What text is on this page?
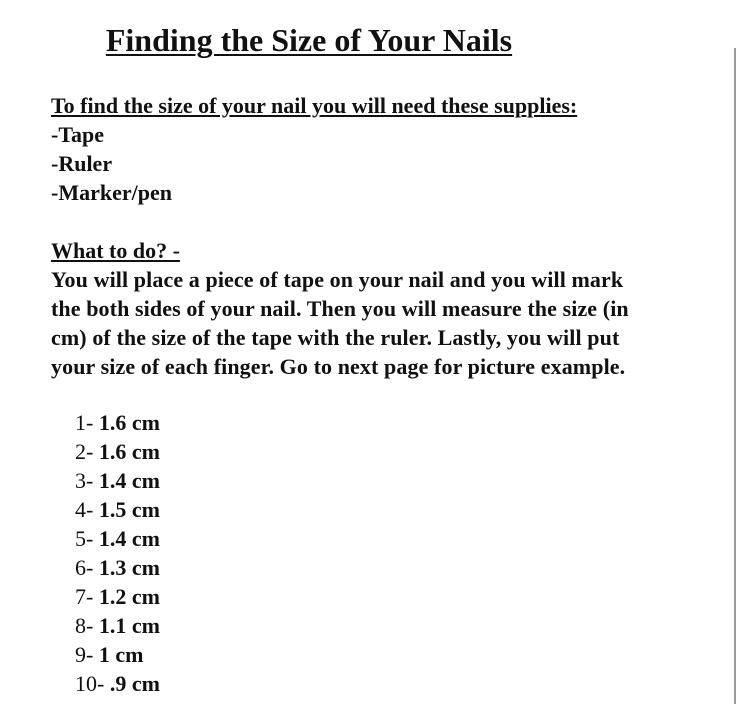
Finding the Size of Your Nails

To find the size of your nail you will need these supplies:

-Tape

-Ruler

-Marker/pen

What to do? -

You will place a piece of tape on your nail and you will mark

the both sides of your nail. Then you will measure the size (in

cm) of the size of the tape with the ruler. Lastly, you will put

your size of each finger. Go to next page for picture example.

1- 1.6 cm
2- 1.6 cm
3- 1.4 cm
4- 1.5 cm
5- 1.4 cm
6- 1.3 cm
7- 1.2 cm
8- 1.1 cm
9- 1 cm
10- .9 cm
